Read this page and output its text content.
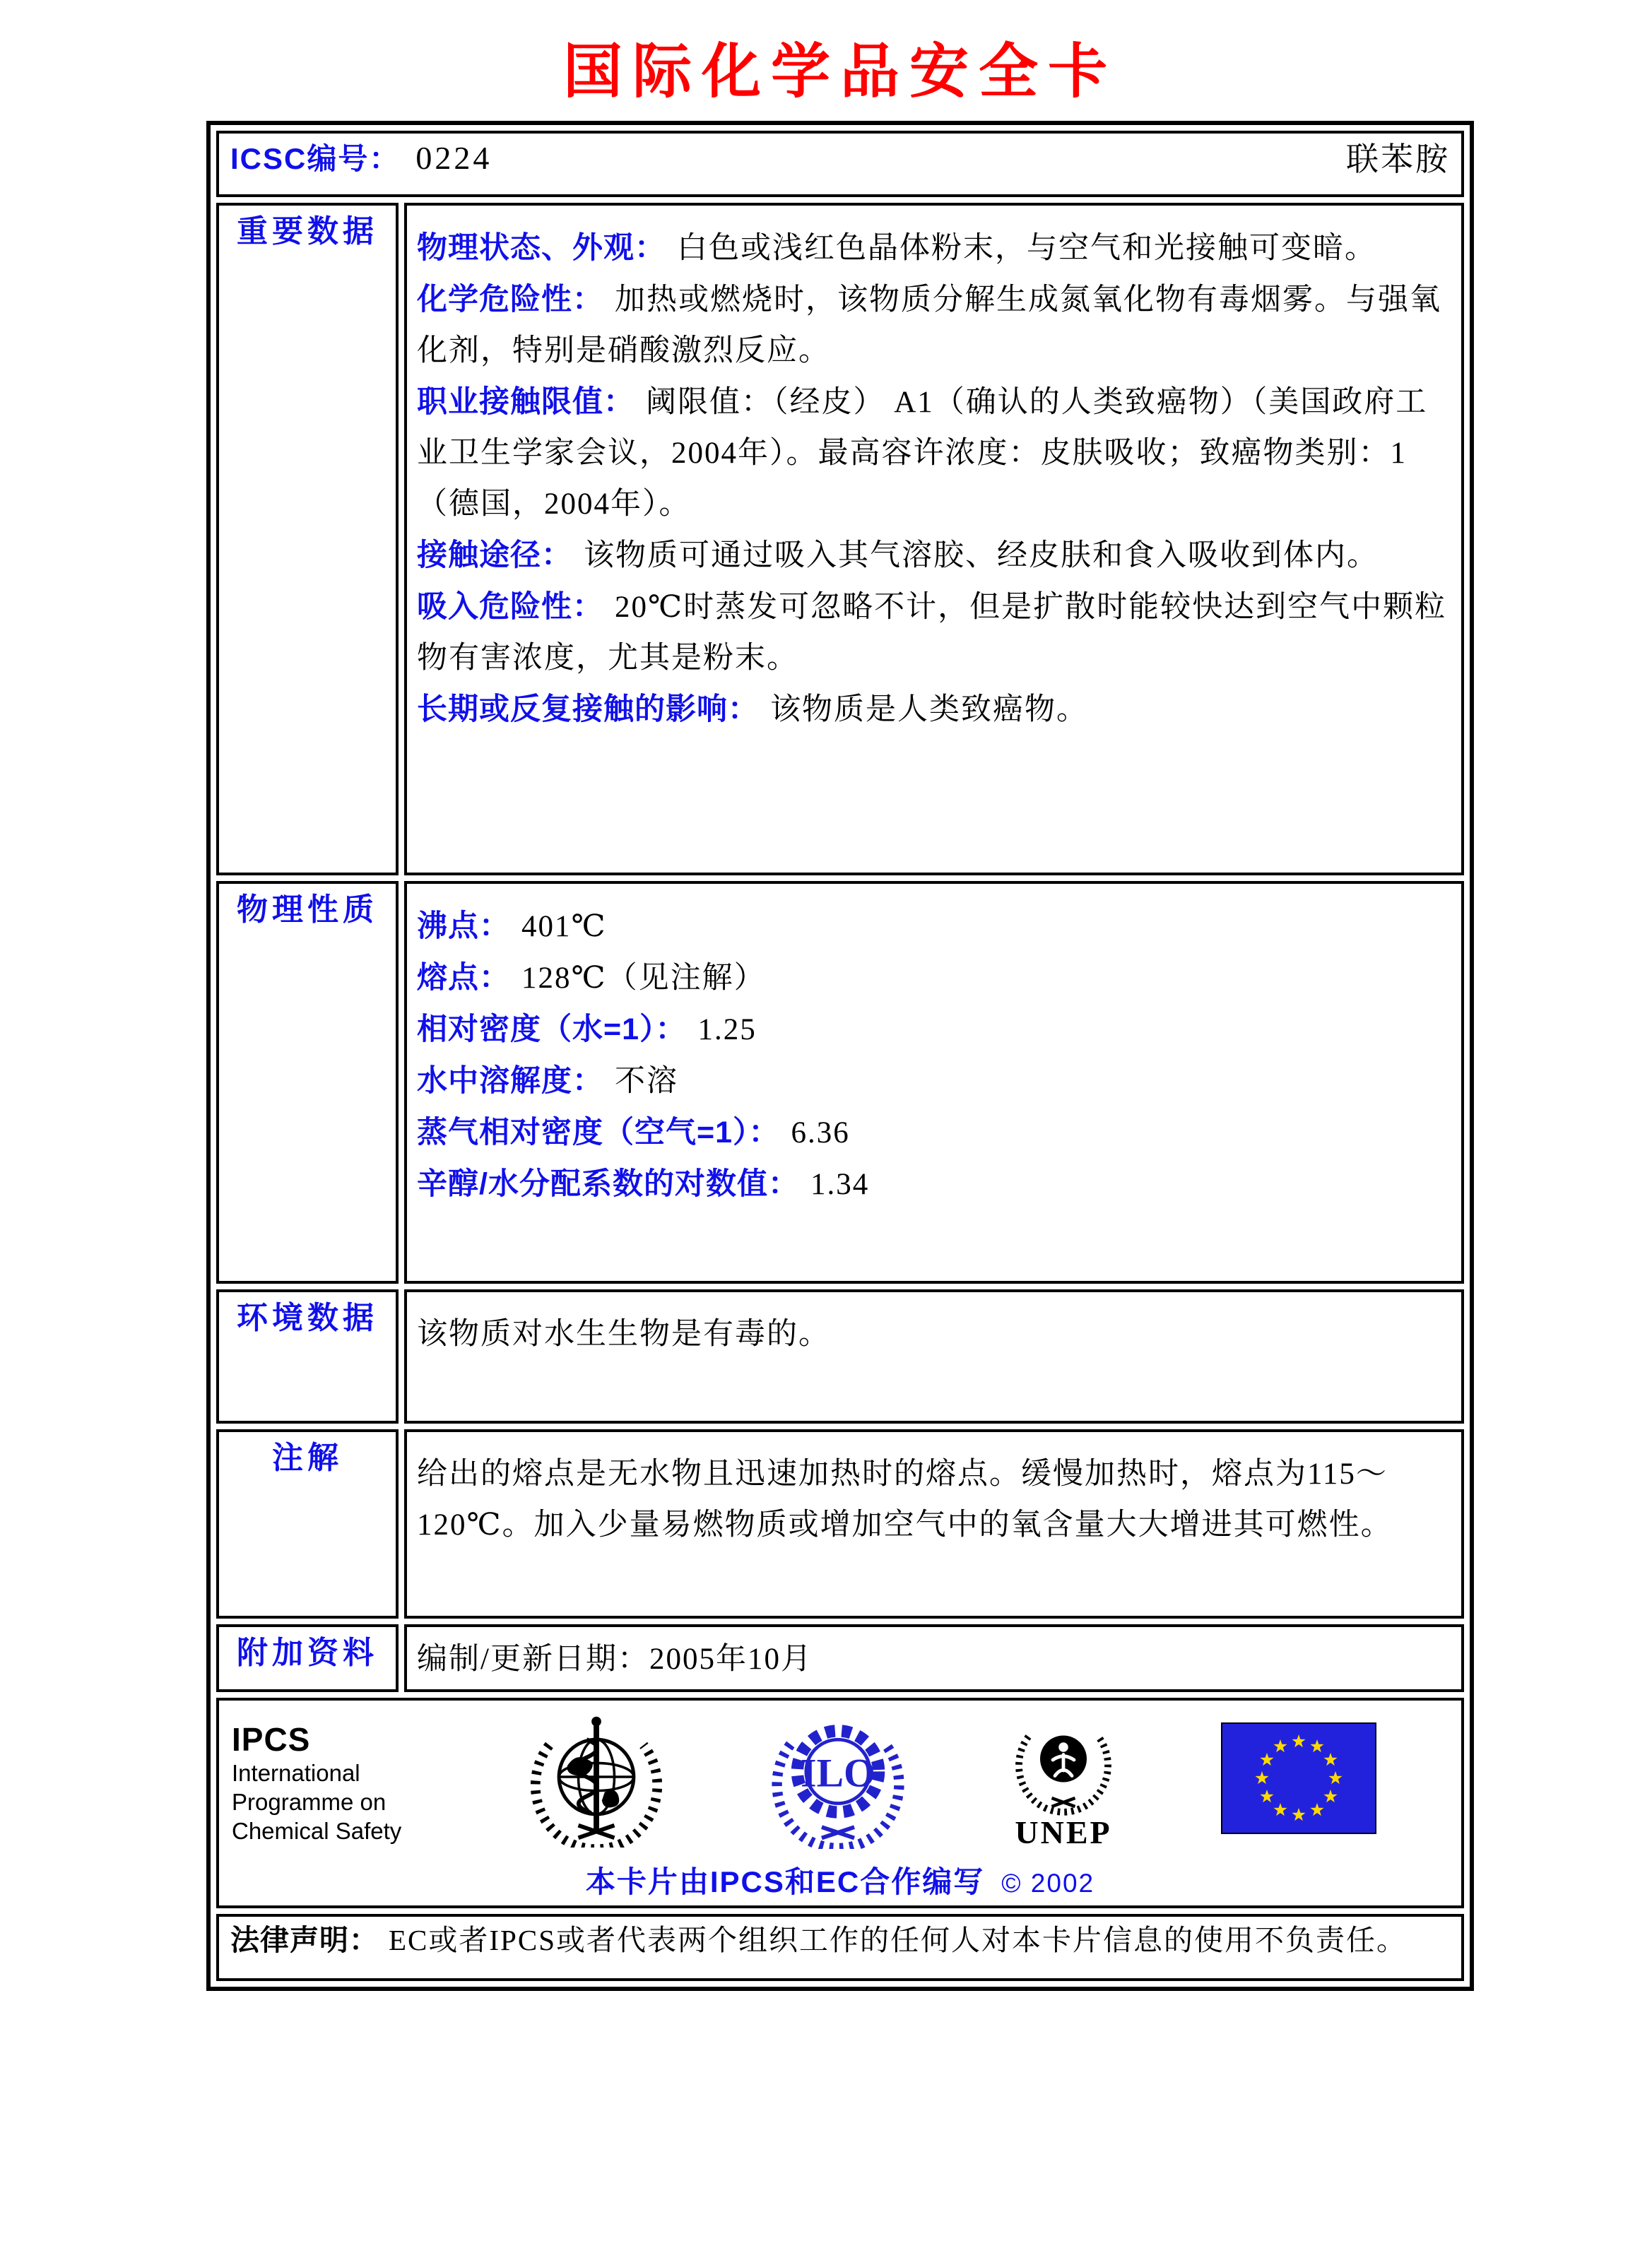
国际化学品安全卡
ICSC编号： 0224 联苯胺	

重要数据	物理状态、外观： 白色或浅红色晶体粉末，与空气和光接触可变暗。
化学危险性： 加热或燃烧时，该物质分解生成氮氧化物有毒烟雾。与强氧化剂，特别是硝酸激烈反应。
职业接触限值： 阈限值：（经皮） A1（确认的人类致癌物）（美国政府工业卫生学家会议，2004年）。最高容许浓度：皮肤吸收；致癌物类别：1（德国，2004年）。
接触途径： 该物质可通过吸入其气溶胶、经皮肤和食入吸收到体内。
吸入危险性： 20℃时蒸发可忽略不计，但是扩散时能较快达到空气中颗粒物有害浓度，尤其是粉末。
长期或反复接触的影响： 该物质是人类致癌物。

物理性质	沸点： 401℃
熔点： 128℃（见注解）
相对密度（水=1）： 1.25
水中溶解度： 不溶
蒸气相对密度（空气=1）： 6.36
辛醇/水分配系数的对数值： 1.34

环境数据	该物质对水生生物是有毒的。

注解	给出的熔点是无水物且迅速加热时的熔点。缓慢加热时，熔点为115～120℃。加入少量易燃物质或增加空气中的氧含量大大增进其可燃性。

附加资料	编制/更新日期：2005年10月

IPCS
International
Programme on
Chemical Safety
ILO
UNEP
本卡片由IPCS和EC合作编写 © 2002

法律声明： EC或者IPCS或者代表两个组织工作的任何人对本卡片信息的使用不负责任。	
